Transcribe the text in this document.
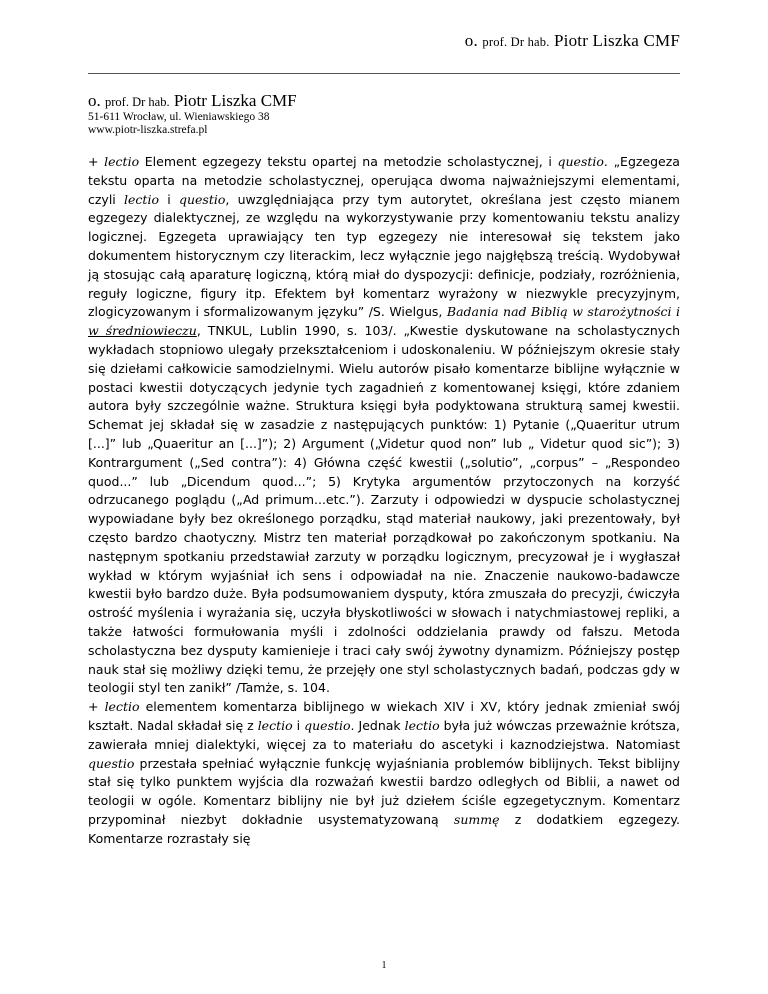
o. prof. Dr hab. Piotr Liszka CMF
o. prof. Dr hab. Piotr Liszka CMF
51-611 Wrocław, ul. Wieniawskiego 38
www.piotr-liszka.strefa.pl

+ lectio Element egzegezy tekstu opartej na metodzie scholastycznej, i questio. „Egzegeza tekstu oparta na metodzie scholastycznej, operująca dwoma najważniejszymi elementami, czyli lectio i questio, uwzględniająca przy tym autorytet, określana jest często mianem egzegezy dialektycznej, ze względu na wykorzystywanie przy komentowaniu tekstu analizy logicznej. Egzegeta uprawiający ten typ egzegezy nie interesował się tekstem jako dokumentem historycznym czy literackim, lecz wyłącznie jego najgłębszą treścią. Wydobywał ją stosując całą aparaturę logiczną, którą miał do dyspozycji: definicje, podziały, rozróżnienia, reguły logiczne, figury itp. Efektem był komentarz wyrażony w niezwykle precyzyjnym, zlogicyzowanym i sformalizowanym języku” /S. Wielgus, Badania nad Biblią w starożytności i w średniowieczu, TNKUL, Lublin 1990, s. 103/. „Kwestie dyskutowane na scholastycznych wykładach stopniowo ulegały przekształceniom i udoskonaleniu. W późniejszym okresie stały się dziełami całkowicie samodzielnymi. Wielu autorów pisało komentarze biblijne wyłącznie w postaci kwestii dotyczących jedynie tych zagadnień z komentowanej księgi, które zdaniem autora były szczególnie ważne. Struktura księgi była podyktowana strukturą samej kwestii. Schemat jej składał się w zasadzie z następujących punktów: 1) Pytanie („Quaeritur utrum [...]” lub „Quaeritur an [...]”); 2) Argument („Videtur quod non” lub „ Videtur quod sic”); 3) Kontrargument („Sed contra”): 4) Główna część kwestii („solutio”, „corpus” – „Respondeo quod...” lub „Dicendum quod...”; 5) Krytyka argumentów przytoczonych na korzyść odrzucanego poglądu („Ad primum...etc.”). Zarzuty i odpowiedzi w dyspucie scholastycznej wypowiadane były bez określonego porządku, stąd materiał naukowy, jaki prezentowały, był często bardzo chaotyczny. Mistrz ten materiał porządkował po zakończonym spotkaniu. Na następnym spotkaniu przedstawiał zarzuty w porządku logicznym, precyzował je i wygłaszał wykład w którym wyjaśniał ich sens i odpowiadał na nie. Znaczenie naukowo-badawcze kwestii było bardzo duże. Była podsumowaniem dysputy, która zmuszała do precyzji, ćwiczyła ostrość myślenia i wyrażania się, uczyła błyskotliwości w słowach i natychmiastowej repliki, a także łatwości formułowania myśli i zdolności oddzielania prawdy od fałszu. Metoda scholastyczna bez dysputy kamienieje i traci cały swój żywotny dynamizm. Późniejszy postęp nauk stał się możliwy dzięki temu, że przejęły one styl scholastycznych badań, podczas gdy w teologii styl ten zanikł” /Tamże, s. 104.

+ lectio elementem komentarza biblijnego w wiekach XIV i XV, który jednak zmieniał swój kształt. Nadal składał się z lectio i questio. Jednak lectio była już wówczas przeważnie krótsza, zawierała mniej dialektyki, więcej za to materiału do ascetyki i kaznodziejstwa. Natomiast questio przestała spełniać wyłącznie funkcję wyjaśniania problemów biblijnych. Tekst biblijny stał się tylko punktem wyjścia dla rozważań kwestii bardzo odległych od Biblii, a nawet od teologii w ogóle. Komentarz biblijny nie był już dziełem ściśle egzegetycznym. Komentarz przypominał niezbyt dokładnie usystematyzowaną summę z dodatkiem egzegezy. Komentarze rozrastały się

1
